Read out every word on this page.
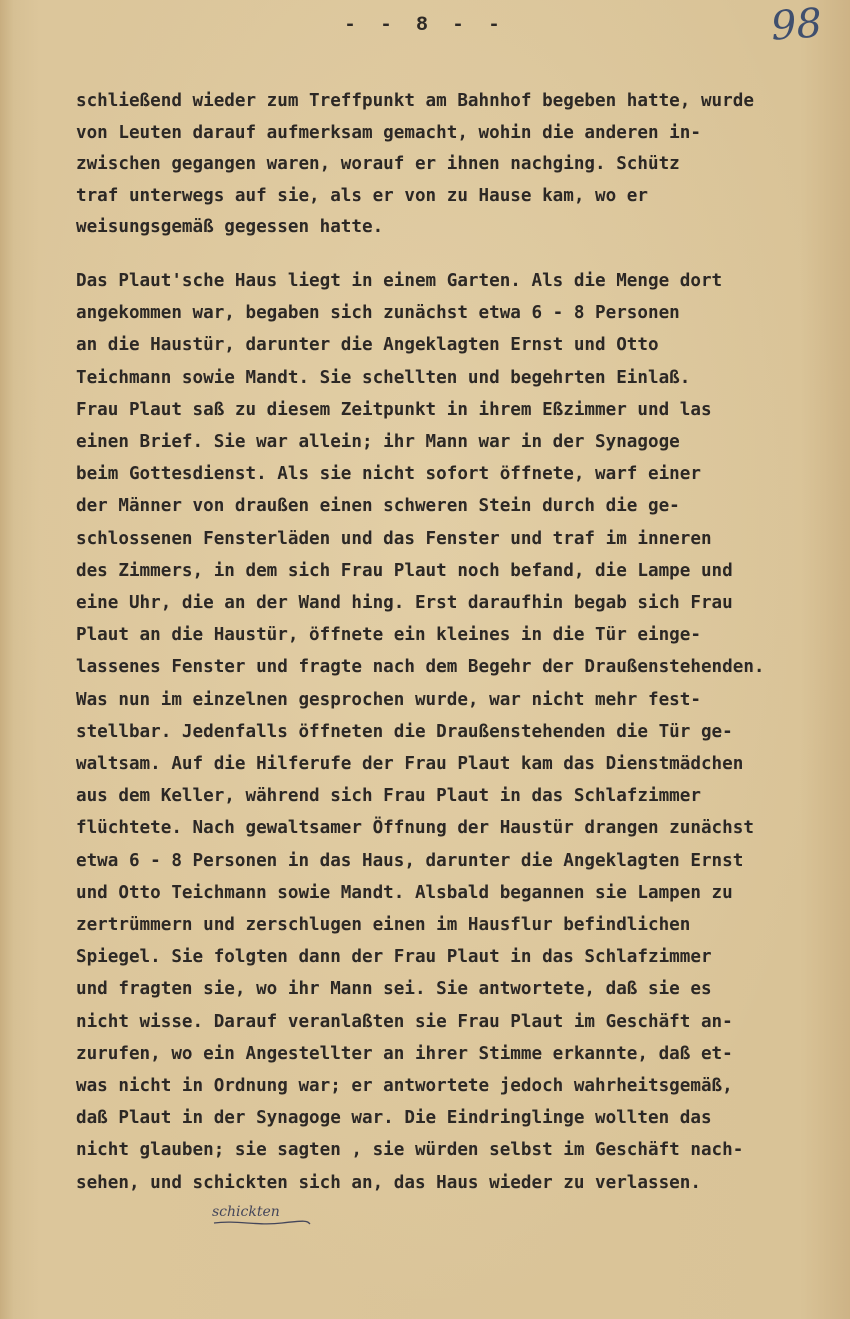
- - 8 - -	98
schließend wieder zum Treffpunkt am Bahnhof begeben hatte, wurde
von Leuten darauf aufmerksam gemacht, wohin die anderen in-
zwischen gegangen waren, worauf er ihnen nachging. Schütz
traf unterwegs auf sie, als er von zu Hause kam, wo er
weisungsgemäß gegessen hatte.
Das Plaut'sche Haus liegt in einem Garten. Als die Menge dort
angekommen war, begaben sich zunächst etwa 6 - 8 Personen
an die Haustür, darunter die Angeklagten Ernst und Otto
Teichmann sowie Mandt. Sie schellten und begehrten Einlaß.
Frau Plaut saß zu diesem Zeitpunkt in ihrem Eßzimmer und las
einen Brief. Sie war allein; ihr Mann war in der Synagoge
beim Gottesdienst. Als sie nicht sofort öffnete, warf einer
der Männer von draußen einen schweren Stein durch die ge-
schlossenen Fensterläden und das Fenster und traf im inneren
des Zimmers, in dem sich Frau Plaut noch befand, die Lampe und
eine Uhr, die an der Wand hing. Erst daraufhin begab sich Frau
Plaut an die Haustür, öffnete ein kleines in die Tür einge-
lassenes Fenster und fragte nach dem Begehr der Draußenstehenden.
Was nun im einzelnen gesprochen wurde, war nicht mehr fest-
stellbar. Jedenfalls öffneten die Draußenstehenden die Tür ge-
waltsam. Auf die Hilferufe der Frau Plaut kam das Dienstmädchen
aus dem Keller, während sich Frau Plaut in das Schlafzimmer
flüchtete. Nach gewaltsamer Öffnung der Haustür drangen zunächst
etwa 6 - 8 Personen in das Haus, darunter die Angeklagten Ernst
und Otto Teichmann sowie Mandt. Alsbald begannen sie Lampen zu
zertrümmern und zerschlugen einen im Hausflur befindlichen
Spiegel. Sie folgten dann der Frau Plaut in das Schlafzimmer
und fragten sie, wo ihr Mann sei. Sie antwortete, daß sie es
nicht wisse. Darauf veranlaßten sie Frau Plaut im Geschäft an-
zurufen, wo ein Angestellter an ihrer Stimme erkannte, daß et-
was nicht in Ordnung war; er antwortete jedoch wahrheitsgemäß,
daß Plaut in der Synagoge war. Die Eindringlinge wollten das
nicht glauben; sie sagten , sie würden selbst im Geschäft nach-
sehen, und schickten sich an, das Haus wieder zu verlassen.
schickten
